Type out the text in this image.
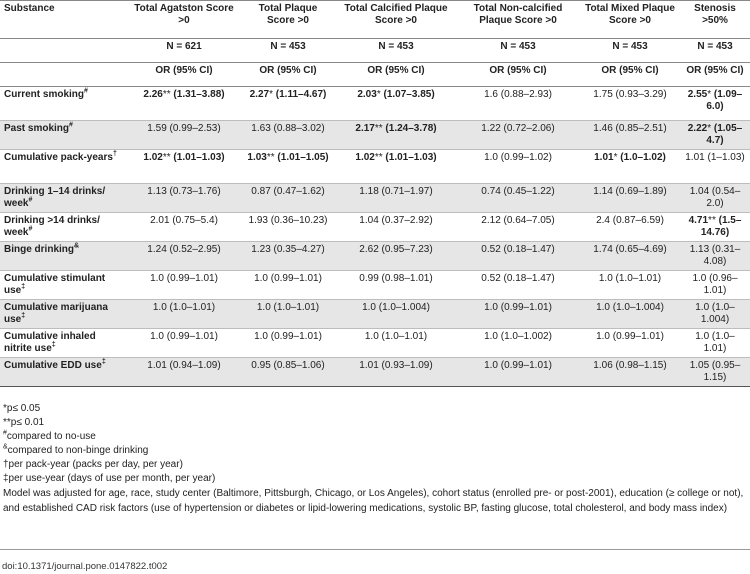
Substance	Total Agatston Score >0	Total Plaque Score >0	Total Calcified Plaque Score >0	Total Non-calcified Plaque Score >0	Total Mixed Plaque Score >0	Stenosis >50%
	N = 621	N = 453	N = 453	N = 453	N = 453	N = 453
	OR (95% CI)	OR (95% CI)	OR (95% CI)	OR (95% CI)	OR (95% CI)	OR (95% CI)
Current smoking#	2.26** (1.31–3.88)	2.27* (1.11–4.67)	2.03* (1.07–3.85)	1.6 (0.88–2.93)	1.75 (0.93–3.29)	2.55* (1.09–6.0)
Past smoking#	1.59 (0.99–2.53)	1.63 (0.88–3.02)	2.17** (1.24–3.78)	1.22 (0.72–2.06)	1.46 (0.85–2.51)	2.22* (1.05–4.7)
Cumulative pack-years†	1.02** (1.01–1.03)	1.03** (1.01–1.05)	1.02** (1.01–1.03)	1.0 (0.99–1.02)	1.01* (1.0–1.02)	1.01 (1–1.03)
Drinking 1–14 drinks/ week#	1.13 (0.73–1.76)	0.87 (0.47–1.62)	1.18 (0.71–1.97)	0.74 (0.45–1.22)	1.14 (0.69–1.89)	1.04 (0.54–2.0)
Drinking >14 drinks/ week#	2.01 (0.75–5.4)	1.93 (0.36–10.23)	1.04 (0.37–2.92)	2.12 (0.64–7.05)	2.4 (0.87–6.59)	4.71** (1.5–14.76)
Binge drinking&	1.24 (0.52–2.95)	1.23 (0.35–4.27)	2.62 (0.95–7.23)	0.52 (0.18–1.47)	1.74 (0.65–4.69)	1.13 (0.31–4.08)
Cumulative stimulant use‡	1.0 (0.99–1.01)	1.0 (0.99–1.01)	0.99 (0.98–1.01)	0.52 (0.18–1.47)	1.0 (1.0–1.01)	1.0 (0.96–1.01)
Cumulative marijuana use‡	1.0 (1.0–1.01)	1.0 (1.0–1.01)	1.0 (1.0–1.004)	1.0 (0.99–1.01)	1.0 (1.0–1.004)	1.0 (1.0–1.004)
Cumulative inhaled nitrite use‡	1.0 (0.99–1.01)	1.0 (0.99–1.01)	1.0 (1.0–1.01)	1.0 (1.0–1.002)	1.0 (0.99–1.01)	1.0 (1.0–1.01)
Cumulative EDD use‡	1.01 (0.94–1.09)	0.95 (0.85–1.06)	1.01 (0.93–1.09)	1.0 (0.99–1.01)	1.06 (0.98–1.15)	1.05 (0.95–1.15)
*p≤ 0.05
**p≤ 0.01
#compared to no-use
&compared to non-binge drinking
†per pack-year (packs per day, per year)
‡per use-year (days of use per month, per year)
Model was adjusted for age, race, study center (Baltimore, Pittsburgh, Chicago, or Los Angeles), cohort status (enrolled pre- or post-2001), education (≥ college or not), and established CAD risk factors (use of hypertension or diabetes or lipid-lowering medications, systolic BP, fasting glucose, total cholesterol, and body mass index)
doi:10.1371/journal.pone.0147822.t002
